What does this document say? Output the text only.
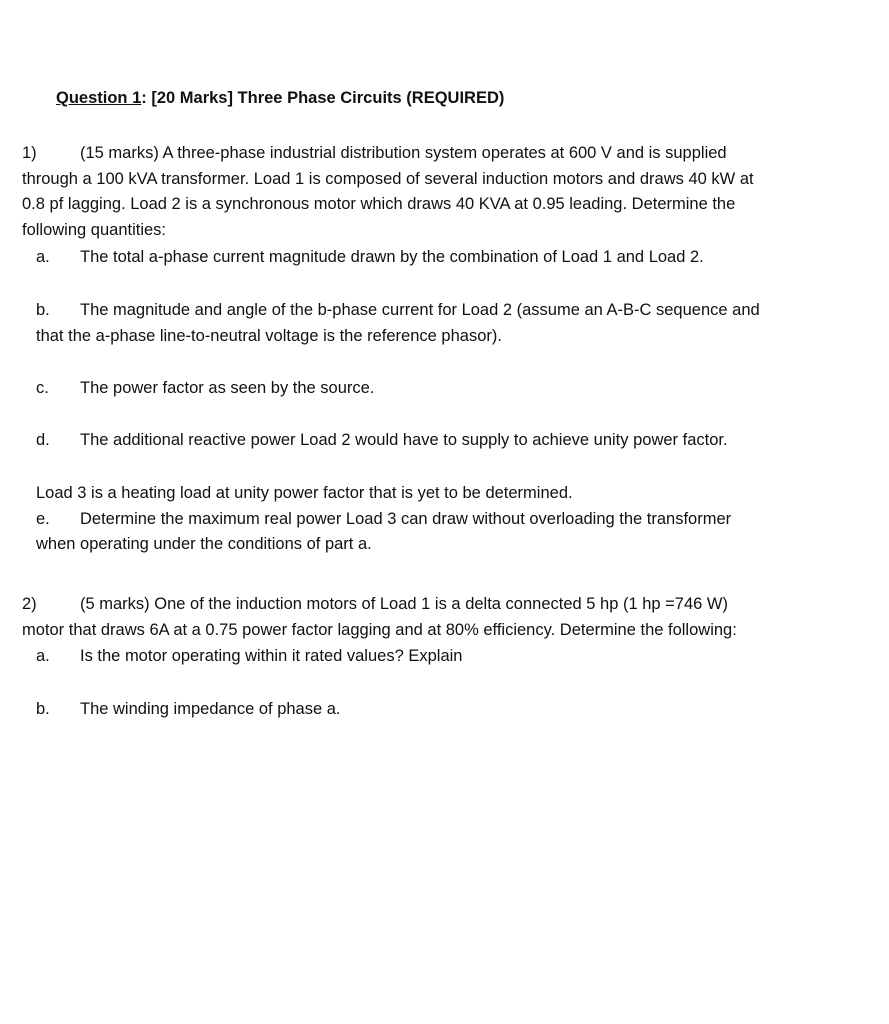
Question 1: [20 Marks] Three Phase Circuits (REQUIRED)
1)	(15 marks) A three-phase industrial distribution system operates at 600 V and is supplied
through a 100 kVA transformer. Load 1 is composed of several induction motors and draws 40 kW at
0.8 pf lagging. Load 2 is a synchronous motor which draws 40 KVA at 0.95 leading. Determine the
following quantities:
a. The total a-phase current magnitude drawn by the combination of Load 1 and Load 2.
b. The magnitude and angle of the b-phase current for Load 2 (assume an A-B-C sequence and
that the a-phase line-to-neutral voltage is the reference phasor).
c. The power factor as seen by the source.
d. The additional reactive power Load 2 would have to supply to achieve unity power factor.
Load 3 is a heating load at unity power factor that is yet to be determined.
e. Determine the maximum real power Load 3 can draw without overloading the transformer
when operating under the conditions of part a.
2)	(5 marks) One of the induction motors of Load 1 is a delta connected 5 hp (1 hp =746 W)
motor that draws 6A at a 0.75 power factor lagging and at 80% efficiency. Determine the following:
a. Is the motor operating within it rated values? Explain
b. The winding impedance of phase a.
